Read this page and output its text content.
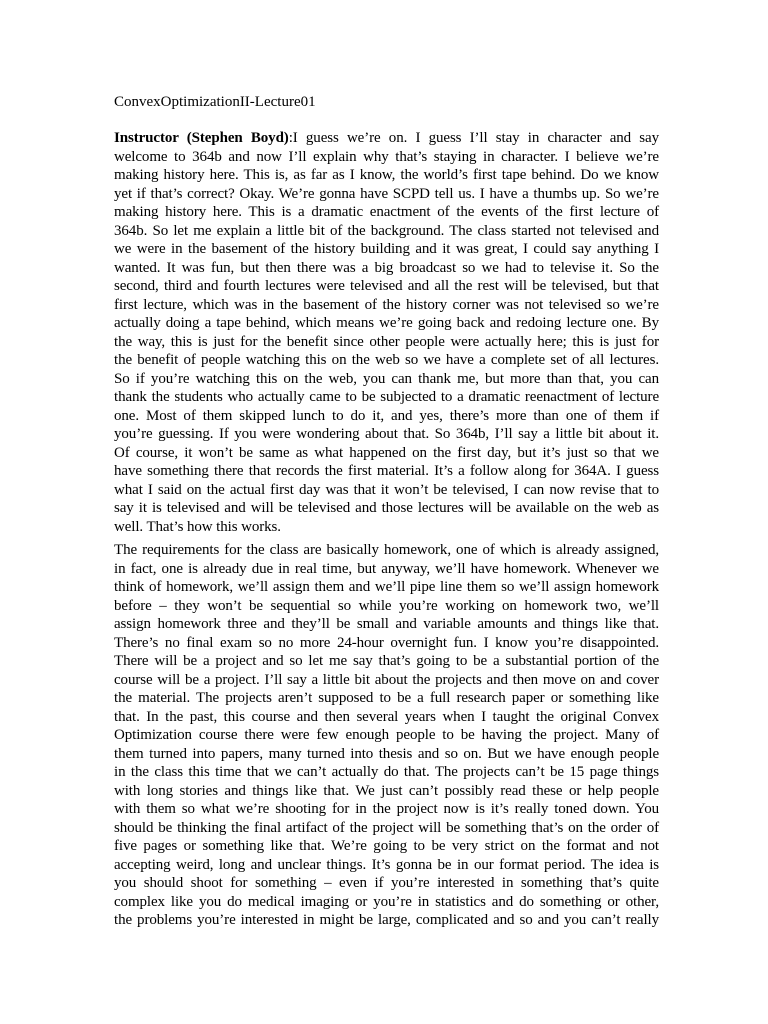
ConvexOptimizationII-Lecture01
Instructor (Stephen Boyd):I guess we’re on. I guess I’ll stay in character and say
welcome to 364b and now I’ll explain why that’s staying in character. I believe we’re
making history here. This is, as far as I know, the world’s first tape behind. Do we know
yet if that’s correct? Okay. We’re gonna have SCPD tell us. I have a thumbs up. So we’re
making history here. This is a dramatic enactment of the events of the first lecture of
364b. So let me explain a little bit of the background. The class started not televised and
we were in the basement of the history building and it was great, I could say anything I
wanted. It was fun, but then there was a big broadcast so we had to televise it. So the
second, third and fourth lectures were televised and all the rest will be televised, but that
first lecture, which was in the basement of the history corner was not televised so we’re
actually doing a tape behind, which means we’re going back and redoing lecture one. By
the way, this is just for the benefit since other people were actually here; this is just for
the benefit of people watching this on the web so we have a complete set of all lectures.
So if you’re watching this on the web, you can thank me, but more than that, you can
thank the students who actually came to be subjected to a dramatic reenactment of lecture
one. Most of them skipped lunch to do it, and yes, there’s more than one of them if
you’re guessing. If you were wondering about that. So 364b, I’ll say a little bit about it.
Of course, it won’t be same as what happened on the first day, but it’s just so that we
have something there that records the first material. It’s a follow along for 364A. I guess
what I said on the actual first day was that it won’t be televised, I can now revise that to
say it is televised and will be televised and those lectures will be available on the web as
well. That’s how this works.
The requirements for the class are basically homework, one of which is already assigned,
in fact, one is already due in real time, but anyway, we’ll have homework. Whenever we
think of homework, we’ll assign them and we’ll pipe line them so we’ll assign homework
before – they won’t be sequential so while you’re working on homework two, we’ll
assign homework three and they’ll be small and variable amounts and things like that.
There’s no final exam so no more 24-hour overnight fun. I know you’re disappointed.
There will be a project and so let me say that’s going to be a substantial portion of the
course will be a project. I’ll say a little bit about the projects and then move on and cover
the material. The projects aren’t supposed to be a full research paper or something like
that. In the past, this course and then several years when I taught the original Convex
Optimization course there were few enough people to be having the project. Many of
them turned into papers, many turned into thesis and so on. But we have enough people
in the class this time that we can’t actually do that. The projects can’t be 15 page things
with long stories and things like that. We just can’t possibly read these or help people
with them so what we’re shooting for in the project now is it’s really toned down. You
should be thinking the final artifact of the project will be something that’s on the order of
five pages or something like that. We’re going to be very strict on the format and not
accepting weird, long and unclear things. It’s gonna be in our format period. The idea is
you should shoot for something – even if you’re interested in something that’s quite
complex like you do medical imaging or you’re in statistics and do something or other,
the problems you’re interested in might be large, complicated and so and you can’t really
